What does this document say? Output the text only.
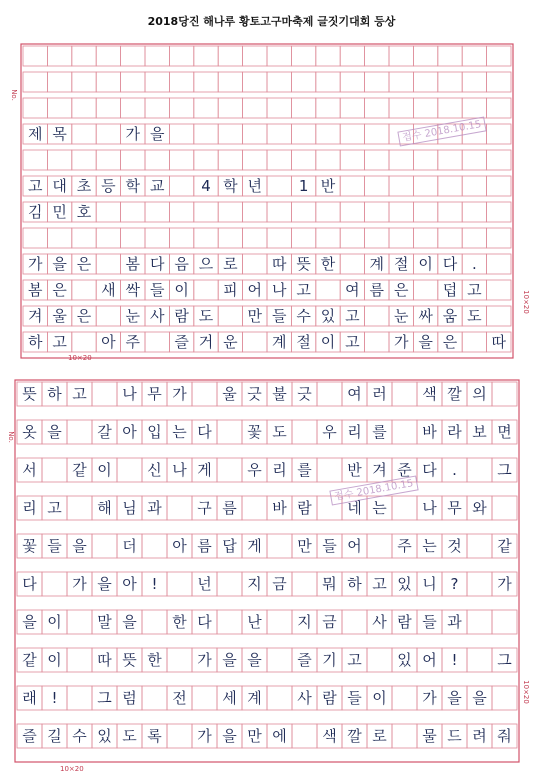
2018당진 해나루 황토고구마축제 글짓기대회 등상
No.
10×20
10×20
접수 2018.10.15
제 목	가 을
고 대 초 등 학 교	4 학 년	1 반
김 민 호
가 을 은	봄 다 음 으 로	따 뜻 한	계 절 이 다 .
봄 은	새 싹 들 이	피 어 나 고	여 름 은	덥 고
겨 울 은	눈 사 람 도	만 들 수 있 고	눈 싸 움 도
하 고	아 주	즐 거 운	계 절 이 고	가 을 은	따
No.
10×20
10×20
접수 2018.10.15
뜻 하 고	나 무 가	울 긋 불 긋	여 러	색 깔 의
옷 을	갈 아 입 는 다	꽃 도	우 리 를	바 라 보 면
서	같 이	신 나 게	우 리 를	반 겨 준 다	.	그
리 고	해 님 과	구 름	바 람	네 는	나 무 와
꽃 들 을	더	아 름 답 게	만 들 어	주 는 것	같
다	가 을 아 !	넌	지 금	뭐 하 고 있 니 ?	가
을 이	말 을	한 다	난	지 금	사 람 들 과
같 이	따 뜻 한	가 을 을	즐 기 고	있 어 !	그
래 !	그 럼	전	세 계	사 람 들 이	가 을 을
즐 길 수 있 도 록	가 을 만 에	색 깔 로	물 드 려 줘
